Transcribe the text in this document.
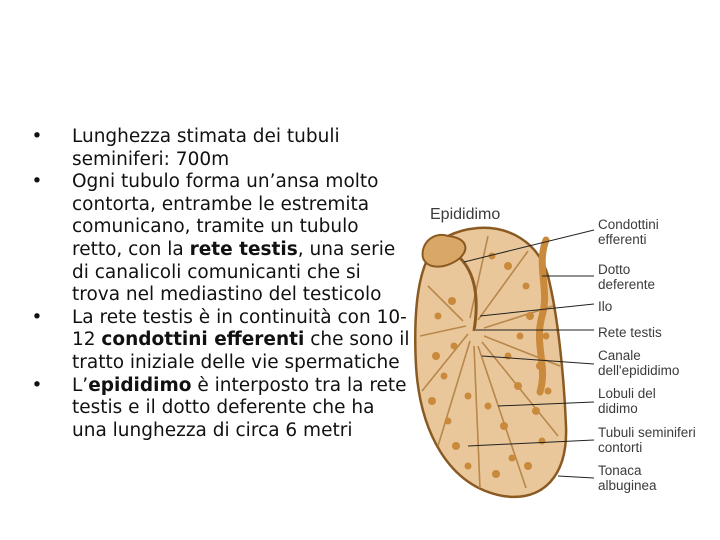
• Lunghezza stimata dei tubuli seminiferi: 700m
• Ogni tubulo forma un’ansa molto contorta, entrambe le estremita comunicano, tramite un tubulo retto, con la rete testis, una serie di canalicoli comunicanti che si trova nel mediastino del testicolo
• La rete testis è in continuità con 10-12 condottini efferenti che sono il tratto iniziale delle vie spermatiche
• L’epididimo è interposto tra la rete testis e il dotto deferente che ha una lunghezza di circa 6 metri
Epididimo
Condottini efferenti
Dotto deferente
Ilo
Rete testis
Canale dell'epididimo
Lobuli del didimo
Tubuli seminiferi contorti
Tonaca albuginea
